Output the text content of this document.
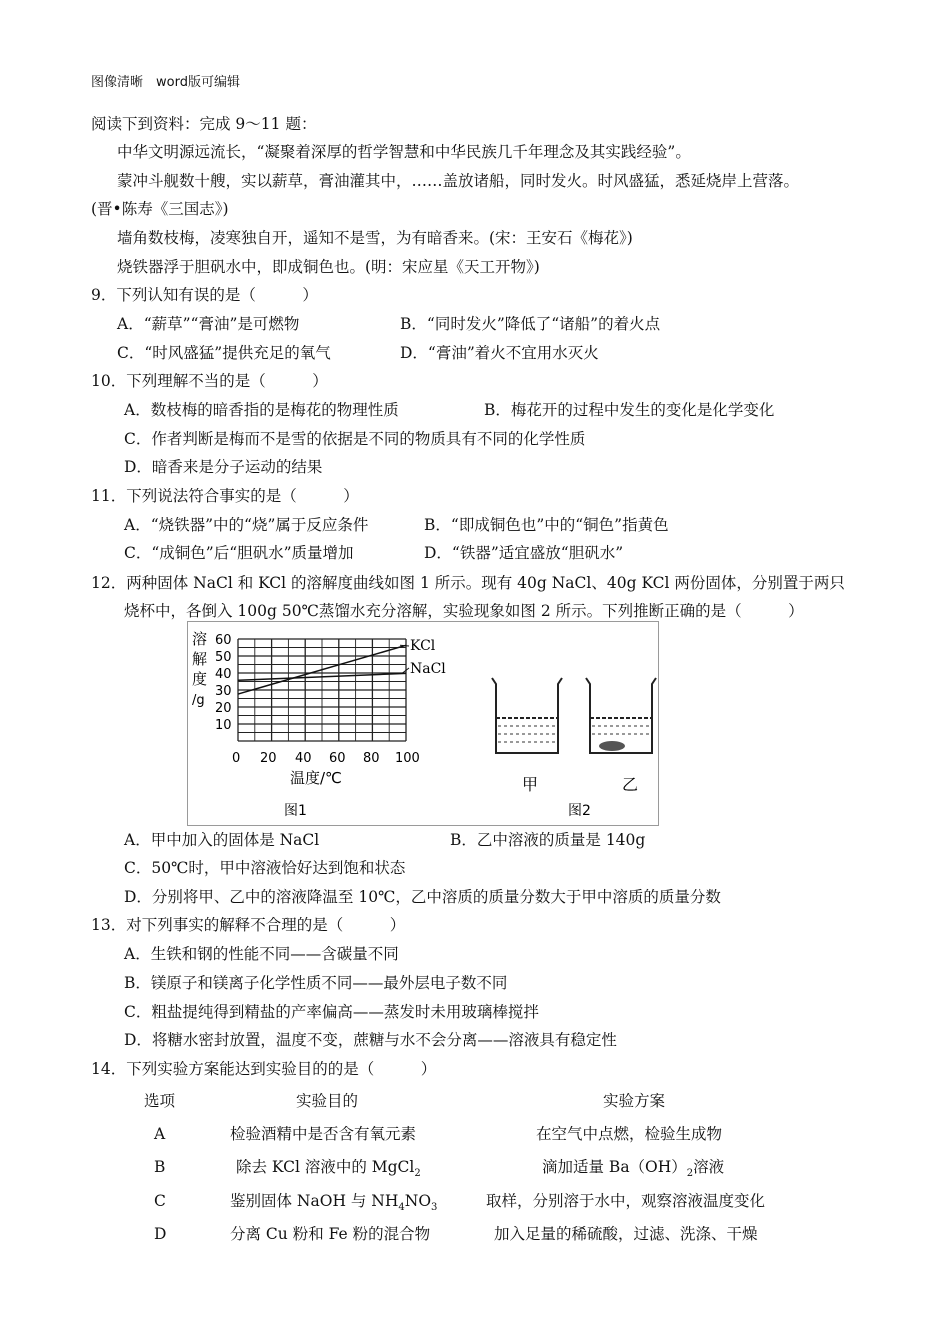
图像清晰　word版可编辑
阅读下到资料：完成 9～11 题：
中华文明源远流长，“凝聚着深厚的哲学智慧和中华民族几千年理念及其实践经验”。
蒙冲斗舰数十艘，实以薪草，膏油灌其中，……盖放诸船，同时发火。时风盛猛，悉延烧岸上营落。
(晋•陈寿《三国志》)
墙角数枝梅，凌寒独自开，遥知不是雪，为有暗香来。(宋：王安石《梅花》)
烧铁器浮于胆矾水中，即成铜色也。(明：宋应星《天工开物》)
9．下列认知有误的是（　　　）
A．“薪草”“膏油”是可燃物	B．“同时发火”降低了“诸船”的着火点
C．“时风盛猛”提供充足的氧气	D．“膏油”着火不宜用水灭火
10．下列理解不当的是（　　　）
A．数枝梅的暗香指的是梅花的物理性质	B．梅花开的过程中发生的变化是化学变化
C．作者判断是梅而不是雪的依据是不同的物质具有不同的化学性质
D．暗香来是分子运动的结果
11．下列说法符合事实的是（　　　）
A．“烧铁器”中的“烧”属于反应条件	B．“即成铜色也”中的“铜色”指黄色
C．“成铜色”后“胆矾水”质量增加	D．“铁器”适宜盛放“胆矾水”
12．两种固体 NaCl 和 KCl 的溶解度曲线如图 1 所示。现有 40g NaCl、40g KCl 两份固体，分别置于两只
烧杯中，各倒入 100g 50℃蒸馏水充分溶解，实验现象如图 2 所示。下列推断正确的是（　　　）
溶
解
度
/g
60
50
40
30
20
10
0 20 40 60 80 100
温度/℃
KCl
NaCl
图1	图2
甲	乙
A．甲中加入的固体是 NaCl	B．乙中溶液的质量是 140g
C．50℃时，甲中溶液恰好达到饱和状态
D．分别将甲、乙中的溶液降温至 10℃，乙中溶质的质量分数大于甲中溶质的质量分数
13．对下列事实的解释不合理的是（　　　）
A．生铁和钢的性能不同——含碳量不同
B．镁原子和镁离子化学性质不同——最外层电子数不同
C．粗盐提纯得到精盐的产率偏高——蒸发时未用玻璃棒搅拌
D．将糖水密封放置，温度不变，蔗糖与水不会分离——溶液具有稳定性
14．下列实验方案能达到实验目的的是（　　　）
选项	实验目的	实验方案
A	检验酒精中是否含有氧元素	在空气中点燃，检验生成物
B	除去 KCl 溶液中的 MgCl$_2$	滴加适量 $Ba(OH)_2$溶液
C	鉴别固体 NaOH 与 $NH_4NO_3$	取样，分别溶于水中，观察溶液温度变化
D	分离 Cu 粉和 Fe 粉的混合物	加入足量的稀硫酸，过滤、洗涤、干燥
